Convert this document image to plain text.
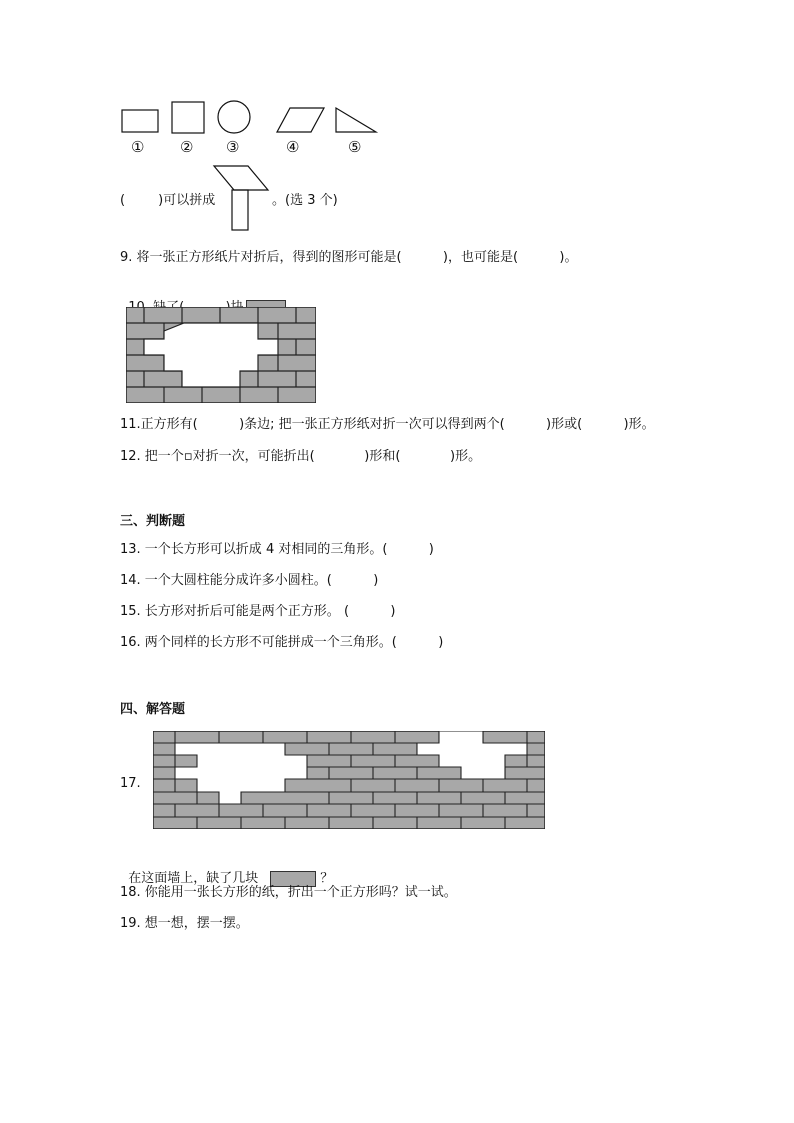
① ② ③	④	⑤
(        )可以拼成	。(选 3 个)
9. 将一张正方形纸片对折后，得到的图形可能是(          )，也可能是(          )。

11.正方形有(          )条边; 把一张正方形纸对折一次可以得到两个(          )形或(          )形。
12. 把一个▫对折一次，可能折出(            )形和(            )形。
三、判断题
13. 一个长方形可以折成 4 对相同的三角形。(          )
14. 一个大圆柱能分成许多小圆柱。(          )
15. 长方形对折后可能是两个正方形。 (          )
16. 两个同样的长方形不可能拼成一个三角形。(          )
四、解答题
17.

在这面墙上，缺了几块	？

18. 你能用一张长方形的纸，折出一个正方形吗？试一试。
19. 想一想，摆一摆。
